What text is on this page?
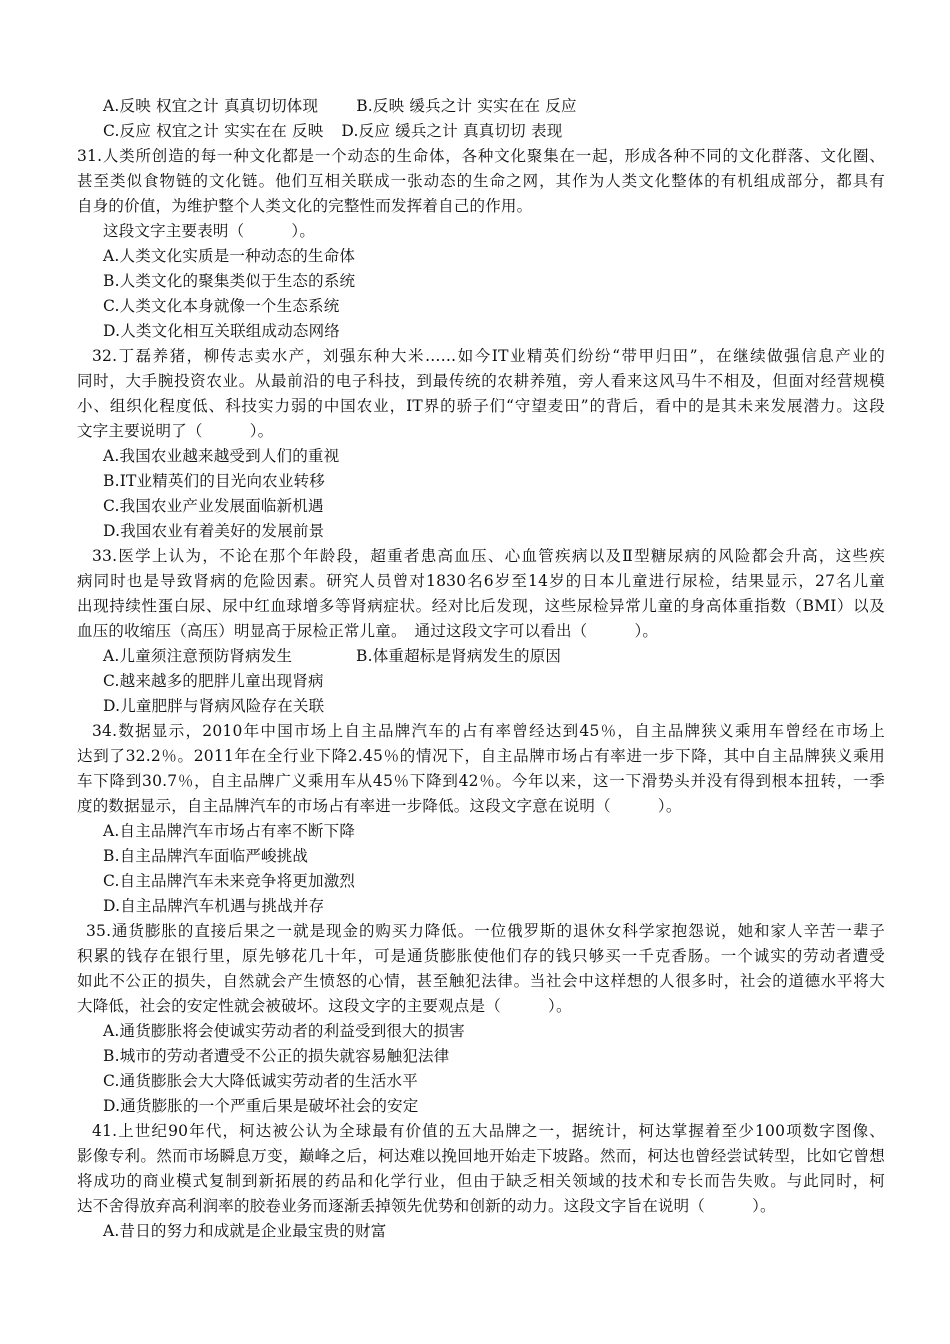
A.反映 权宜之计 真真切切体现 B.反映 缓兵之计 实实在在 反应
C.反应 权宜之计 实实在在 反映 D.反应 缓兵之计 真真切切 表现
31.人类所创造的每一种文化都是一个动态的生命体，各种文化聚集在一起，形成各种不同的文化群落、文化圈、
甚至类似食物链的文化链。他们互相关联成一张动态的生命之网，其作为人类文化整体的有机组成部分，都具有
自身的价值，为维护整个人类文化的完整性而发挥着自己的作用。
这段文字主要表明（　　　）。
A.人类文化实质是一种动态的生命体
B.人类文化的聚集类似于生态的系统
C.人类文化本身就像一个生态系统
D.人类文化相互关联组成动态网络
32.丁磊养猪，柳传志卖水产，刘强东种大米……如今IT业精英们纷纷“带甲归田”，在继续做强信息产业的
同时，大手腕投资农业。从最前沿的电子科技，到最传统的农耕养殖，旁人看来这风马牛不相及，但面对经营规模
小、组织化程度低、科技实力弱的中国农业，IT界的骄子们“守望麦田”的背后，看中的是其未来发展潜力。这段
文字主要说明了（　　　）。
A.我国农业越来越受到人们的重视
B.IT业精英们的目光向农业转移
C.我国农业产业发展面临新机遇
D.我国农业有着美好的发展前景
33.医学上认为，不论在那个年龄段，超重者患高血压、心血管疾病以及Ⅱ型糖尿病的风险都会升高，这些疾
病同时也是导致肾病的危险因素。研究人员曾对1830名6岁至14岁的日本儿童进行尿检，结果显示，27名儿童
出现持续性蛋白尿、尿中红血球增多等肾病症状。经对比后发现，这些尿检异常儿童的身高体重指数（BMI）以及
血压的收缩压（高压）明显高于尿检正常儿童。　通过这段文字可以看出（　　　）。
A.儿童须注意预防肾病发生	B.体重超标是肾病发生的原因
C.越来越多的肥胖儿童出现肾病
D.儿童肥胖与肾病风险存在关联
34.数据显示，2010年中国市场上自主品牌汽车的占有率曾经达到45％，自主品牌狭义乘用车曾经在市场上
达到了32.2％。2011年在全行业下降2.45％的情况下，自主品牌市场占有率进一步下降，其中自主品牌狭义乘用
车下降到30.7％，自主品牌广义乘用车从45％下降到42％。今年以来，这一下滑势头并没有得到根本扭转，一季
度的数据显示，自主品牌汽车的市场占有率进一步降低。这段文字意在说明（　　　）。
A.自主品牌汽车市场占有率不断下降
B.自主品牌汽车面临严峻挑战
C.自主品牌汽车未来竞争将更加激烈
D.自主品牌汽车机遇与挑战并存
35.通货膨胀的直接后果之一就是现金的购买力降低。一位俄罗斯的退休女科学家抱怨说，她和家人辛苦一辈子
积累的钱存在银行里，原先够花几十年，可是通货膨胀使他们存的钱只够买一千克香肠。一个诚实的劳动者遭受
如此不公正的损失，自然就会产生愤怒的心情，甚至触犯法律。当社会中这样想的人很多时，社会的道德水平将大
大降低，社会的安定性就会被破坏。这段文字的主要观点是（　　　）。
A.通货膨胀将会使诚实劳动者的利益受到很大的损害
B.城市的劳动者遭受不公正的损失就容易触犯法律
C.通货膨胀会大大降低诚实劳动者的生活水平
D.通货膨胀的一个严重后果是破坏社会的安定
41.上世纪90年代，柯达被公认为全球最有价值的五大品牌之一，据统计，柯达掌握着至少100项数字图像、
影像专利。然而市场瞬息万变，巅峰之后，柯达难以挽回地开始走下坡路。然而，柯达也曾经尝试转型，比如它曾想
将成功的商业模式复制到新拓展的药品和化学行业，但由于缺乏相关领域的技术和专长而告失败。与此同时，柯
达不舍得放弃高利润率的胶卷业务而逐渐丢掉领先优势和创新的动力。这段文字旨在说明（　　　）。
A.昔日的努力和成就是企业最宝贵的财富
